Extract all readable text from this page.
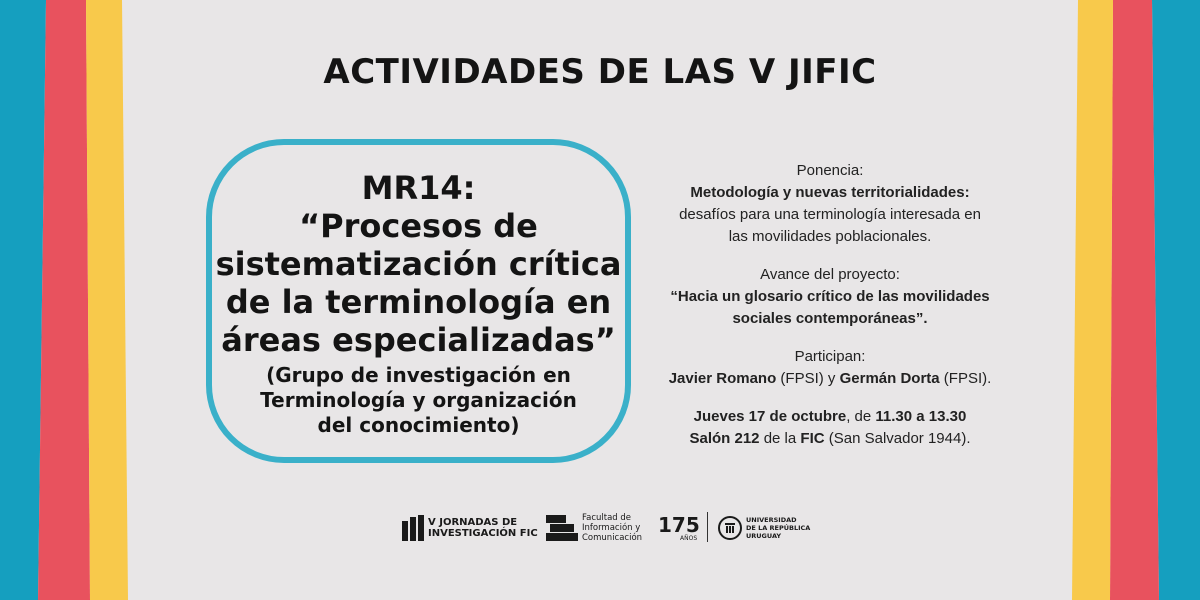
ACTIVIDADES DE LAS V JIFIC
MR14:
“Procesos de
sistematización crítica
de la terminología en
áreas especializadas”
(Grupo de investigación en
Terminología y organización
del conocimiento)

Ponencia:
Metodología y nuevas territorialidades:
desafíos para una terminología interesada en
las movilidades poblacionales.

Avance del proyecto:
“Hacia un glosario crítico de las movilidades
sociales contemporáneas”.

Participan:
Javier Romano (FPSI) y Germán Dorta (FPSI).

Jueves 17 de octubre, de 11.30 a 13.30
Salón 212 de la FIC (San Salvador 1944).

V JORNADAS DE
INVESTIGACIÓN FIC
Facultad de
Información y
Comunicación
175
AÑOS
UNIVERSIDAD
DE LA REPÚBLICA
URUGUAY
